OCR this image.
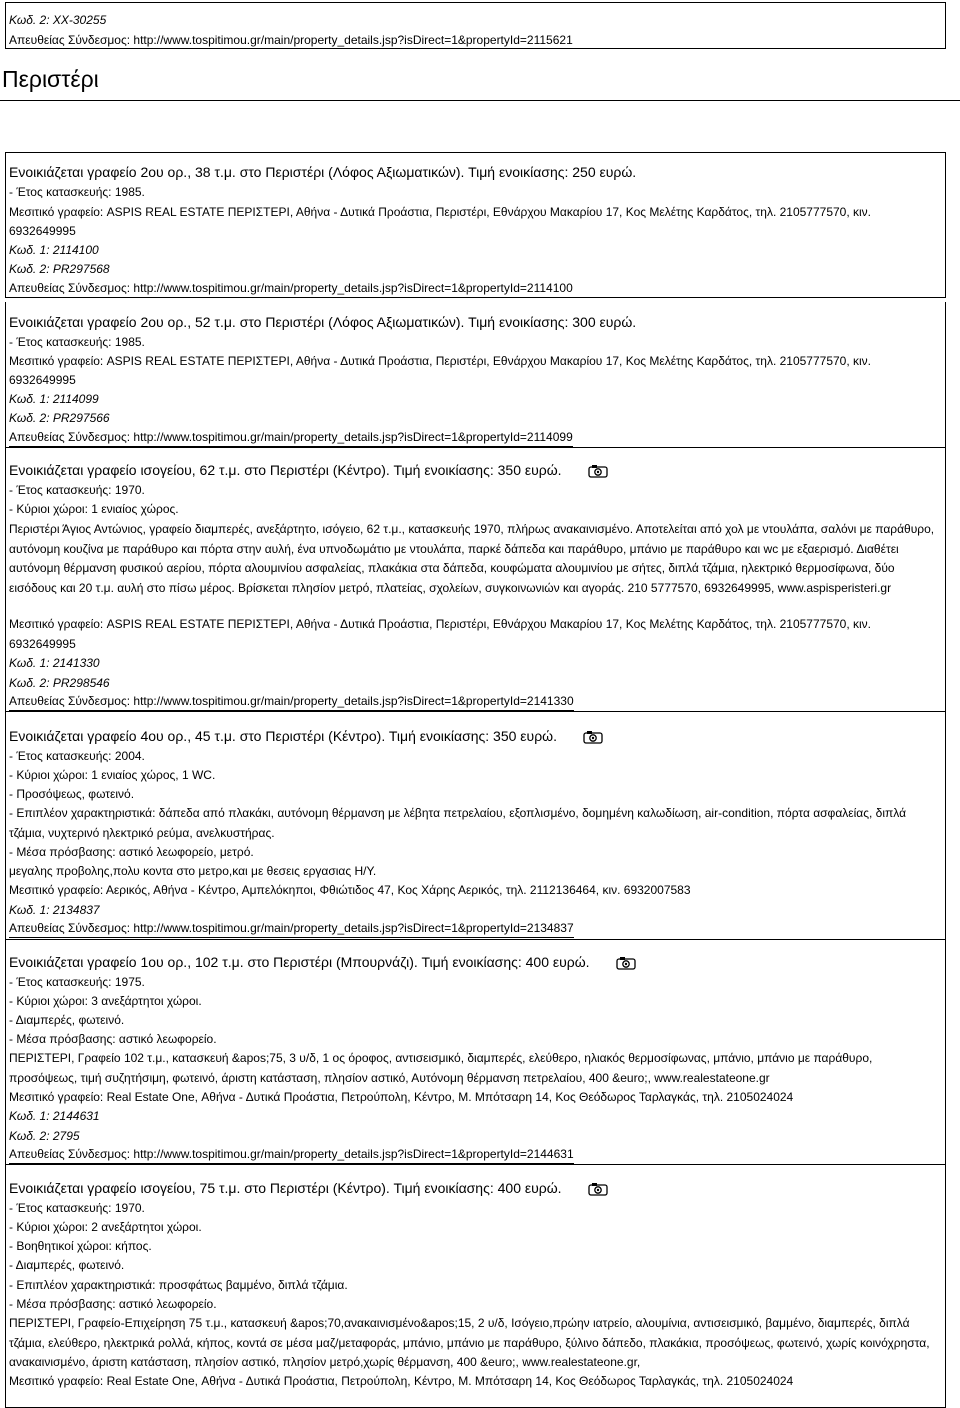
Κωδ. 2: XX-30255
Απευθείας Σύνδεσμος: http://www.tospitimou.gr/main/property_details.jsp?isDirect=1&propertyId=2115621
Περιστέρι
Ενοικιάζεται γραφείο 2ου ορ., 38 τ.μ. στο Περιστέρι (Λόφος Αξιωματικών). Τιμή ενοικίασης: 250 ευρώ.
- Έτος κατασκευής: 1985.
Μεσιτικό γραφείο: ASPIS REAL ESTATE ΠΕΡΙΣΤΕΡΙ, Αθήνα - Δυτικά Προάστια, Περιστέρι, Εθνάρχου Μακαρίου 17, Κος Μελέτης Καρδάτος, τηλ. 2105777570, κιν.
6932649995
Κωδ. 1: 2114100
Κωδ. 2: PR297568
Απευθείας Σύνδεσμος: http://www.tospitimou.gr/main/property_details.jsp?isDirect=1&propertyId=2114100
Ενοικιάζεται γραφείο 2ου ορ., 52 τ.μ. στο Περιστέρι (Λόφος Αξιωματικών). Τιμή ενοικίασης: 300 ευρώ.
- Έτος κατασκευής: 1985.
Μεσιτικό γραφείο: ASPIS REAL ESTATE ΠΕΡΙΣΤΕΡΙ, Αθήνα - Δυτικά Προάστια, Περιστέρι, Εθνάρχου Μακαρίου 17, Κος Μελέτης Καρδάτος, τηλ. 2105777570, κιν.
6932649995
Κωδ. 1: 2114099
Κωδ. 2: PR297566
Απευθείας Σύνδεσμος: http://www.tospitimou.gr/main/property_details.jsp?isDirect=1&propertyId=2114099
Ενοικιάζεται γραφείο ισογείου, 62 τ.μ. στο Περιστέρι (Κέντρο). Τιμή ενοικίασης: 350 ευρώ.
- Έτος κατασκευής: 1970.
- Κύριοι χώροι: 1 ενιαίος χώρος.
Περιστέρι Άγιος Αντώνιος, γραφείο διαμπερές, ανεξάρτητο, ισόγειο, 62 τ.μ., κατασκευής 1970, πλήρως ανακαινισμένο. Αποτελείται από χολ με ντουλάπα, σαλόνι με παράθυρο, αυτόνομη κουζίνα με παράθυρο και πόρτα στην αυλή, ένα υπνοδωμάτιο με ντουλάπα, παρκέ δάπεδα και παράθυρο, μπάνιο με παράθυρο και wc με εξαερισμό. Διαθέτει αυτόνομη θέρμανση φυσικού αερίου, πόρτα αλουμινίου ασφαλείας, πλακάκια στα δάπεδα, κουφώματα αλουμινίου με σήτες, διπλά τζάμια, ηλεκτρικό θερμοσίφωνα, δύο εισόδους και 20 τ.μ. αυλή στο πίσω μέρος. Βρίσκεται πλησίον μετρό, πλατείας, σχολείων, συγκοινωνιών και αγοράς. 210 5777570, 6932649995, www.aspisperisteri.gr
Μεσιτικό γραφείο: ASPIS REAL ESTATE ΠΕΡΙΣΤΕΡΙ, Αθήνα - Δυτικά Προάστια, Περιστέρι, Εθνάρχου Μακαρίου 17, Κος Μελέτης Καρδάτος, τηλ. 2105777570, κιν.
6932649995
Κωδ. 1: 2141330
Κωδ. 2: PR298546
Απευθείας Σύνδεσμος: http://www.tospitimou.gr/main/property_details.jsp?isDirect=1&propertyId=2141330
Ενοικιάζεται γραφείο 4ου ορ., 45 τ.μ. στο Περιστέρι (Κέντρο). Τιμή ενοικίασης: 350 ευρώ.
- Έτος κατασκευής: 2004.
- Κύριοι χώροι: 1 ενιαίος χώρος, 1 WC.
- Προσόψεως, φωτεινό.
- Επιπλέον χαρακτηριστικά: δάπεδα από πλακάκι, αυτόνομη θέρμανση με λέβητα πετρελαίου, εξοπλισμένο, δομημένη καλωδίωση, air-condition, πόρτα ασφαλείας, διπλά τζάμια, νυχτερινό ηλεκτρικό ρεύμα, ανελκυστήρας.
- Μέσα πρόσβασης: αστικό λεωφορείο, μετρό.
μεγαλης προβολης,πολυ κοντα στο μετρο,και με θεσεις εργασιας Η/Υ.
Μεσιτικό γραφείο: Αερικός, Αθήνα - Κέντρο, Αμπελόκηποι, Φθιώτιδος 47, Κος Χάρης Αερικός, τηλ. 2112136464, κιν. 6932007583
Κωδ. 1: 2134837
Απευθείας Σύνδεσμος: http://www.tospitimou.gr/main/property_details.jsp?isDirect=1&propertyId=2134837
Ενοικιάζεται γραφείο 1ου ορ., 102 τ.μ. στο Περιστέρι (Μπουρνάζι). Τιμή ενοικίασης: 400 ευρώ.
- Έτος κατασκευής: 1975.
- Κύριοι χώροι: 3 ανεξάρτητοι χώροι.
- Διαμπερές, φωτεινό.
- Μέσα πρόσβασης: αστικό λεωφορείο.
ΠΕΡΙΣΤΕΡΙ, Γραφείο 102 τ.μ., κατασκευή &apos;75, 3 υ/δ, 1 ος όροφος, αντισεισμικό, διαμπερές, ελεύθερο, ηλιακός θερμοσίφωνας, μπάνιο, μπάνιο με παράθυρο, προσόψεως, τιμή συζητήσιμη, φωτεινό, άριστη κατάσταση, πλησίον αστικό, Αυτόνομη θέρμανση πετρελαίου, 400 &euro;, www.realestateone.gr
Μεσιτικό γραφείο: Real Estate One, Αθήνα - Δυτικά Προάστια, Πετρούπολη, Κέντρο, Μ. Μπότσαρη 14, Κος Θεόδωρος Ταρλαγκάς, τηλ. 2105024024
Κωδ. 1: 2144631
Κωδ. 2: 2795
Απευθείας Σύνδεσμος: http://www.tospitimou.gr/main/property_details.jsp?isDirect=1&propertyId=2144631
Ενοικιάζεται γραφείο ισογείου, 75 τ.μ. στο Περιστέρι (Κέντρο). Τιμή ενοικίασης: 400 ευρώ.
- Έτος κατασκευής: 1970.
- Κύριοι χώροι: 2 ανεξάρτητοι χώροι.
- Βοηθητικοί χώροι: κήπος.
- Διαμπερές, φωτεινό.
- Επιπλέον χαρακτηριστικά: προσφάτως βαμμένο, διπλά τζάμια.
- Μέσα πρόσβασης: αστικό λεωφορείο.
ΠΕΡΙΣΤΕΡΙ, Γραφείο-Επιχείρηση 75 τ.μ., κατασκευή &apos;70,ανακαινισμένο&apos;15, 2 υ/δ, Ισόγειο,πρώην ιατρείο, αλουμίνια, αντισεισμικό, βαμμένο, διαμπερές, διπλά τζάμια, ελεύθερο, ηλεκτρικά ρολλά, κήπος, κοντά σε μέσα μαζ/μεταφοράς, μπάνιο, μπάνιο με παράθυρο, ξύλινο δάπεδο, πλακάκια, προσόψεως, φωτεινό, χωρίς κοινόχρηστα, ανακαινισμένο, άριστη κατάσταση, πλησίον αστικό, πλησίον μετρό,χωρίς θέρμανση, 400 &euro;, www.realestateone.gr,
Μεσιτικό γραφείο: Real Estate One, Αθήνα - Δυτικά Προάστια, Πετρούπολη, Κέντρο, Μ. Μπότσαρη 14, Κος Θεόδωρος Ταρλαγκάς, τηλ. 2105024024
